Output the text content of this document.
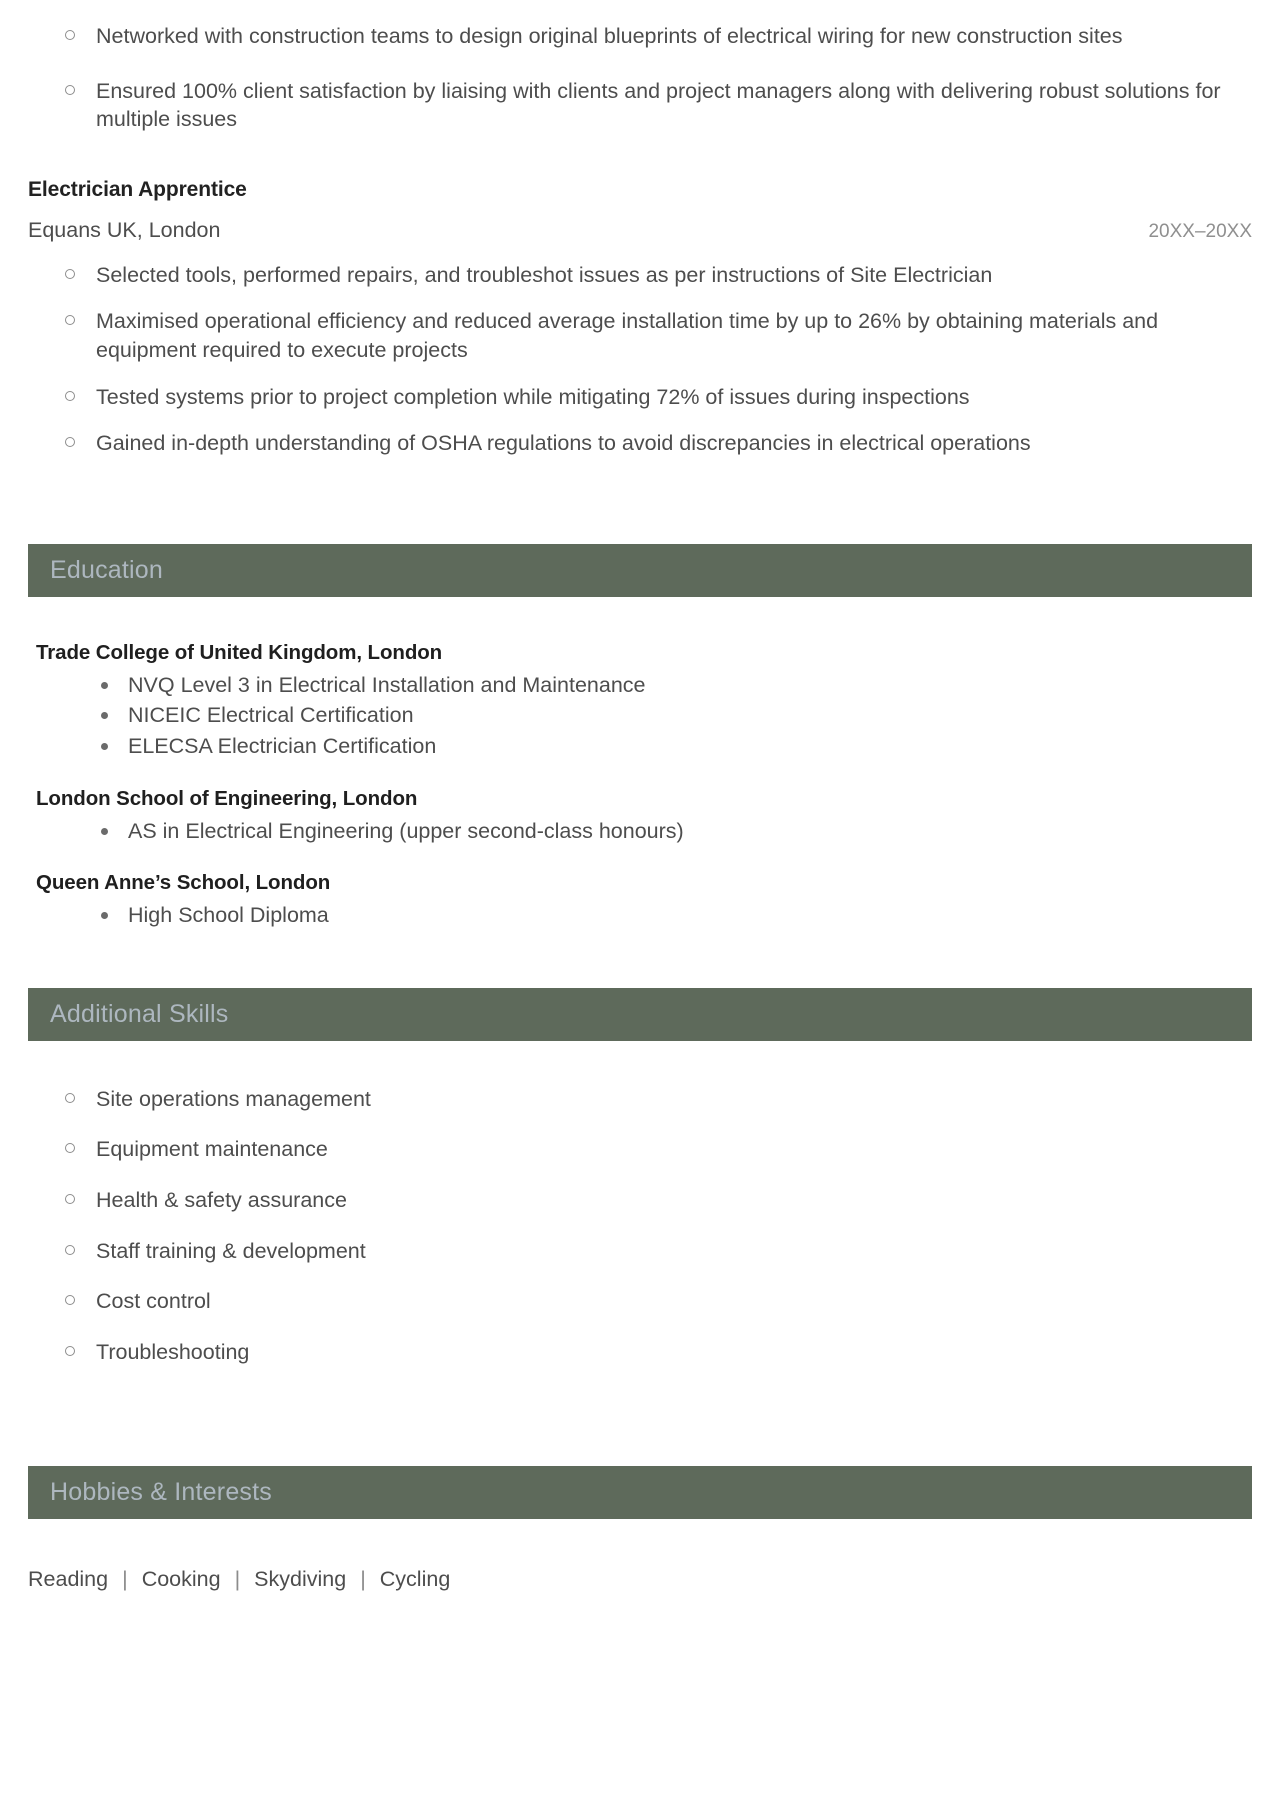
Networked with construction teams to design original blueprints of electrical wiring for new construction sites
Ensured 100% client satisfaction by liaising with clients and project managers along with delivering robust solutions for multiple issues
Electrician Apprentice
Equans UK, London	20XX–20XX
Selected tools, performed repairs, and troubleshot issues as per instructions of Site Electrician
Maximised operational efficiency and reduced average installation time by up to 26% by obtaining materials and equipment required to execute projects
Tested systems prior to project completion while mitigating 72% of issues during inspections
Gained in-depth understanding of OSHA regulations to avoid discrepancies in electrical operations
Education
Trade College of United Kingdom, London
NVQ Level 3 in Electrical Installation and Maintenance
NICEIC Electrical Certification
ELECSA Electrician Certification
London School of Engineering, London
AS in Electrical Engineering (upper second-class honours)
Queen Anne’s School, London
High School Diploma
Additional Skills
Site operations management
Equipment maintenance
Health & safety assurance
Staff training & development
Cost control
Troubleshooting
Hobbies & Interests
Reading | Cooking | Skydiving | Cycling
